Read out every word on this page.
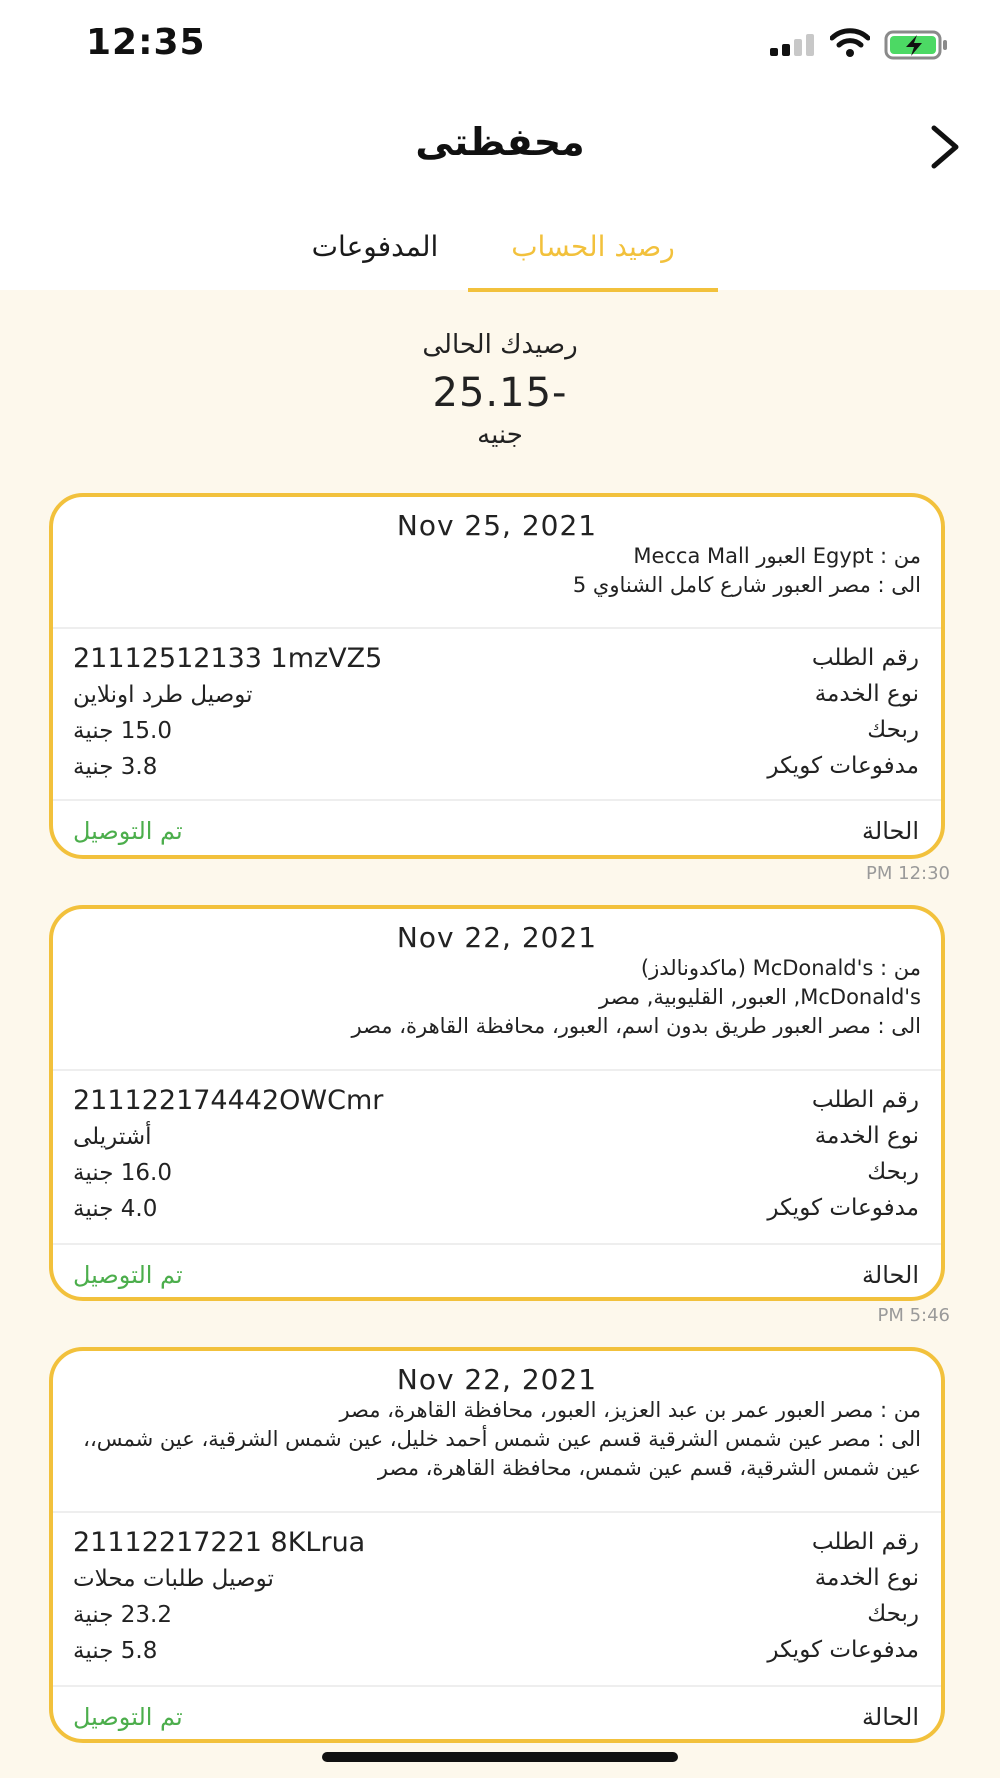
12:35
محفظتى
رصيد الحساب
المدفوعات
رصيدك الحالى
25.15-
جنيه
Nov 25, 2021
من : Egypt العبور Mecca Mall
الى : مصر العبور شارع كامل الشناوي 5
رقم الطلب
21112512133 1mzVZ5
نوع الخدمة
توصيل طرد اونلاين
ربحك
15.0 جنية
مدفوعات كويكر
3.8 جنية
الحالة
تم التوصيل
PM 12:30
Nov 22, 2021
من : McDonald's (ماكدونالدز)
McDonald's, العبور, القليوبية, مصر
الى : مصر العبور طريق بدون اسم، العبور، محافظة القاهرة، مصر
رقم الطلب
211122174442OWCmr
نوع الخدمة
أشتريلى
ربحك
16.0 جنية
مدفوعات كويكر
4.0 جنية
الحالة
تم التوصيل
PM 5:46
Nov 22, 2021
من : مصر العبور عمر بن عبد العزيز، العبور، محافظة القاهرة، مصر
الى : مصر عين شمس الشرقية قسم عين شمس أحمد خليل، عين شمس الشرقية، عين شمس،، عين شمس الشرقية، قسم عين شمس، محافظة القاهرة، مصر
رقم الطلب
21112217221 8KLrua
نوع الخدمة
توصيل طلبات محلات
ربحك
23.2 جنية
مدفوعات كويكر
5.8 جنية
الحالة
تم التوصيل
